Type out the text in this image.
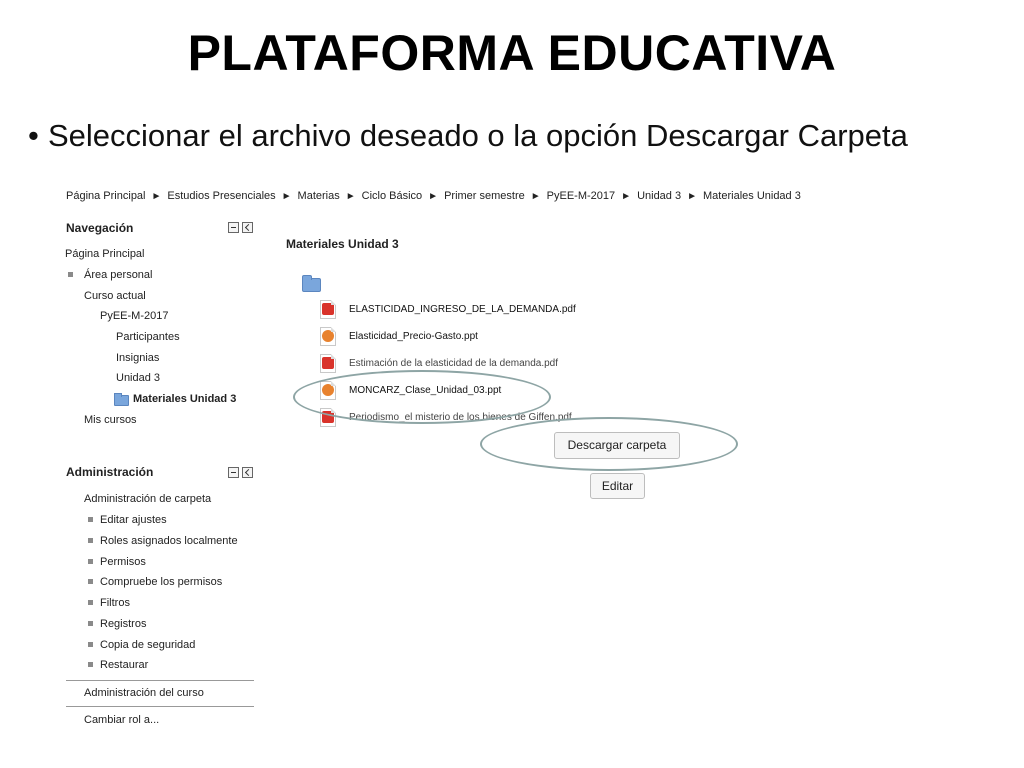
PLATAFORMA EDUCATIVA
• Seleccionar el archivo deseado o la opción Descargar Carpeta
Página Principal ► Estudios Presenciales ► Materias ► Ciclo Básico ► Primer semestre ► PyEE-M-2017 ► Unidad 3 ► Materiales Unidad 3
Navegación
Página Principal
Área personal
Curso actual
PyEE-M-2017
Participantes
Insignias
Unidad 3
Materiales Unidad 3
Mis cursos
Administración
Administración de carpeta
Editar ajustes
Roles asignados localmente
Permisos
Compruebe los permisos
Filtros
Registros
Copia de seguridad
Restaurar
Administración del curso
Cambiar rol a...
Materiales Unidad 3
ELASTICIDAD_INGRESO_DE_LA_DEMANDA.pdf
Elasticidad_Precio-Gasto.ppt
Estimación de la elasticidad de la demanda.pdf
MONCARZ_Clase_Unidad_03.ppt
Periodismo_el misterio de los bienes de Giffen.pdf
Descargar carpeta
Editar
